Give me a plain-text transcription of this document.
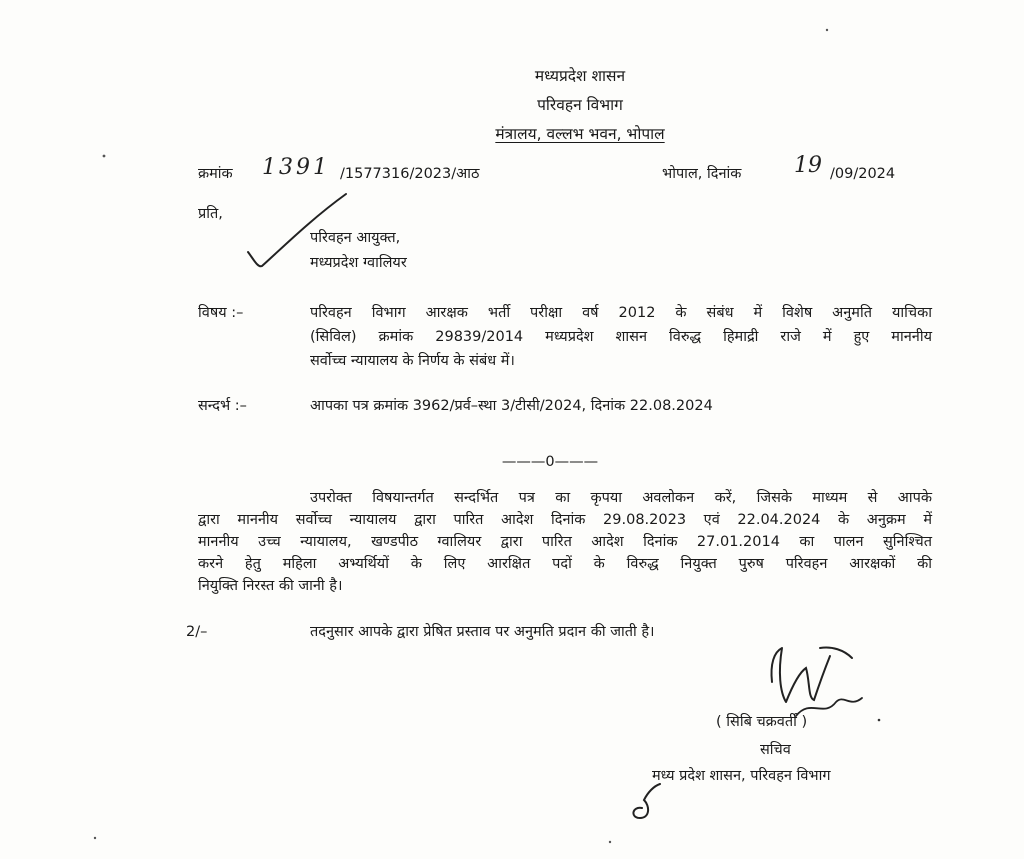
मध्यप्रदेश शासन
परिवहन विभाग
मंत्रालय, वल्लभ भवन, भोपाल
क्रमांक 1391 /1577316/2023/आठ	भोपाल, दिनांक 19 /09/2024
प्रति,
परिवहन आयुक्त,
मध्यप्रदेश ग्वालियर
विषय :–	परिवहन विभाग आरक्षक भर्ती परीक्षा वर्ष 2012 के संबंध में विशेष अनुमति याचिका
(सिविल) क्रमांक 29839/2014 मध्यप्रदेश शासन विरुद्ध हिमाद्री राजे में हुए माननीय
सर्वोच्च न्यायालय के निर्णय के संबंध में।
सन्दर्भ :–	आपका पत्र क्रमांक 3962/प्रर्व–स्था 3/टीसी/2024, दिनांक 22.08.2024
———0———
उपरोक्त विषयान्तर्गत सन्दर्भित पत्र का कृपया अवलोकन करें, जिसके माध्यम से आपके
द्वारा माननीय सर्वोच्च न्यायालय द्वारा पारित आदेश दिनांक 29.08.2023 एवं 22.04.2024 के अनुक्रम में
माननीय उच्च न्यायालय, खण्डपीठ ग्वालियर द्वारा पारित आदेश दिनांक 27.01.2014 का पालन सुनिश्चित
करने हेतु महिला अभ्यर्थियों के लिए आरक्षित पदों के विरुद्ध नियुक्त पुरुष परिवहन आरक्षकों की
नियुक्ति निरस्त की जानी है।
2/–	तदनुसार आपके द्वारा प्रेषित प्रस्ताव पर अनुमति प्रदान की जाती है।
( सिबि चक्रवर्ती )
सचिव
मध्य प्रदेश शासन, परिवहन विभाग
